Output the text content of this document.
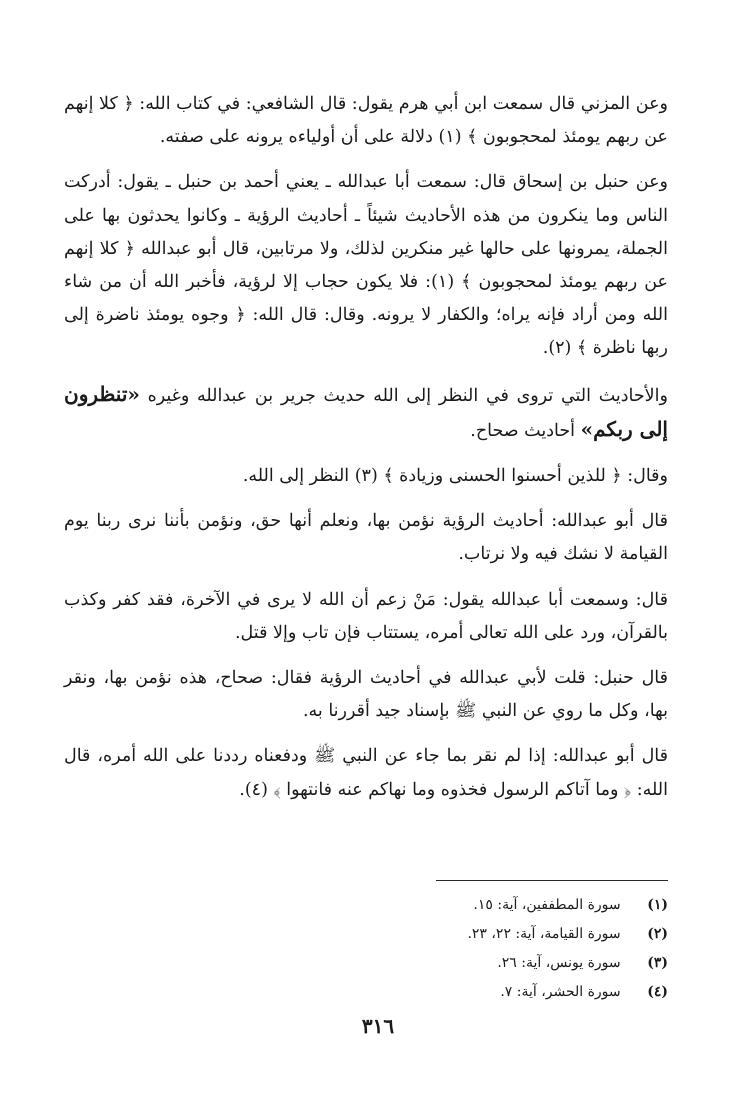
وعن المزني قال سمعت ابن أبي هرم يقول: قال الشافعي: في كتاب الله: ﴿ كلا إنهم عن ربهم يومئذ لمحجوبون ﴾ (١) دلالة على أن أولياءه يرونه على صفته.

وعن حنبل بن إسحاق قال: سمعت أبا عبدالله ـ يعني أحمد بن حنبل ـ يقول: أدركت الناس وما ينكرون من هذه الأحاديث شيئاً ـ أحاديث الرؤية ـ وكانوا يحدثون بها على الجملة، يمرونها على حالها غير منكرين لذلك، ولا مرتابين، قال أبو عبدالله ﴿ كلا إنهم عن ربهم يومئذ لمحجوبون ﴾ (١): فلا يكون حجاب إلا لرؤية، فأخبر الله أن من شاء الله ومن أراد فإنه يراه؛ والكفار لا يرونه. وقال: قال الله: ﴿ وجوه يومئذ ناضرة إلى ربها ناظرة ﴾ (٢).

والأحاديث التي تروى في النظر إلى الله حديث جرير بن عبدالله وغيره «تنظرون إلى ربكم» أحاديث صحاح.

وقال: ﴿ للذين أحسنوا الحسنى وزيادة ﴾ (٣) النظر إلى الله.

قال أبو عبدالله: أحاديث الرؤية نؤمن بها، ونعلم أنها حق، ونؤمن بأننا نرى ربنا يوم القيامة لا نشك فيه ولا نرتاب.

قال: وسمعت أبا عبدالله يقول: مَنْ زعم أن الله لا يرى في الآخرة، فقد كفر وكذب بالقرآن، ورد على الله تعالى أمره، يستتاب فإن تاب وإلا قتل.

قال حنبل: قلت لأبي عبدالله في أحاديث الرؤية فقال: صحاح، هذه نؤمن بها، ونقر بها، وكل ما روي عن النبي ﷺ بإسناد جيد أقررنا به.

قال أبو عبدالله: إذا لم نقر بما جاء عن النبي ﷺ ودفعناه رددنا على الله أمره، قال الله: ﴿ وما آتاكم الرسول فخذوه وما نهاكم عنه فانتهوا ﴾ (٤).

(١)   سورة المطففين، آية: ١٥.
(٢)   سورة القيامة، آية: ٢٢، ٢٣.
(٣)   سورة يونس، آية: ٢٦.
(٤)   سورة الحشر، آية: ٧.
٣١٦
